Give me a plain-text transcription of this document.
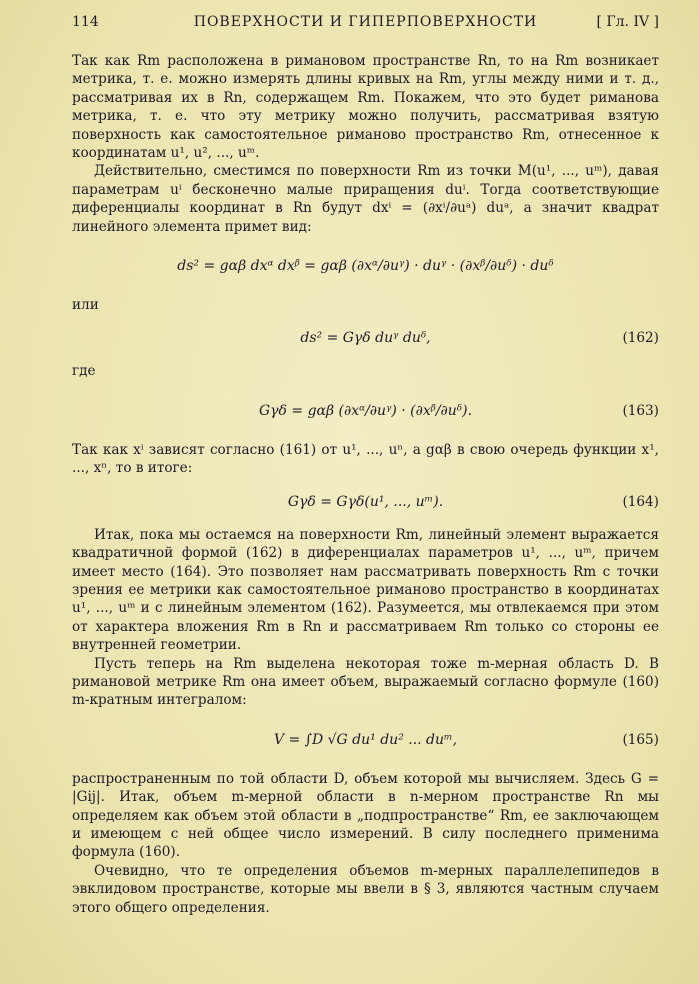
114	ПОВЕРХНОСТИ И ГИПЕРПОВЕРХНОСТИ	[ Гл. IV ]

Так как Rm расположена в римановом пространстве Rn, то на Rm возникает метрика, т. е. можно измерять длины кривых на Rm, углы между ними и т. д., рассматривая их в Rn, содержащем Rm. Покажем, что это будет риманова метрика, т. е. что эту метрику можно получить, рассматривая взятую поверхность как самостоятельное риманово пространство Rm, отнесенное к координатам u¹, u², ..., uᵐ.

Действительно, сместимся по поверхности Rm из точки M(u¹, ..., uᵐ), давая параметрам uⁱ бесконечно малые приращения duⁱ. Тогда соответствующие диференциалы координат в Rn будут dxⁱ = (∂xⁱ/∂uᵃ) duᵃ, а значит квадрат линейного элемента примет вид:

ds² = gαβ dxᵅ dxᵝ = gαβ (∂xᵅ/∂uᵞ) · duᵞ · (∂xᵝ/∂uᵟ) · duᵟ
или
ds² = Gγδ duᵞ duᵟ,	(162)
где
Gγδ = gαβ (∂xᵅ/∂uᵞ) · (∂xᵝ/∂uᵟ).	(163)

Так как xⁱ зависят согласно (161) от u¹, ..., uⁿ, а gαβ в свою очередь функции x¹, ..., xⁿ, то в итоге:

Gγδ = Gγδ(u¹, ..., uᵐ).	(164)

Итак, пока мы остаемся на поверхности Rm, линейный элемент выражается квадратичной формой (162) в диференциалах параметров u¹, ..., uᵐ, причем имеет место (164). Это позволяет нам рассматривать поверхность Rm с точки зрения ее метрики как самостоятельное риманово пространство в координатах u¹, ..., uᵐ и с линейным элементом (162). Разумеется, мы отвлекаемся при этом от характера вложения Rm в Rn и рассматриваем Rm только со стороны ее внутренней геометрии.

Пусть теперь на Rm выделена некоторая тоже m-мерная область D. В римановой метрике Rm она имеет объем, выражаемый согласно формуле (160) m-кратным интегралом:

V = ∫D √G du¹ du² ... duᵐ,	(165)

распространенным по той области D, объем которой мы вычисляем. Здесь G = |Gij|. Итак, объем m-мерной области в n-мерном пространстве Rn мы определяем как объем этой области в „подпространстве“ Rm, ее заключающем и имеющем с ней общее число измерений. В силу последнего применима формула (160).

Очевидно, что те определения объемов m-мерных параллелепипедов в эвклидовом пространстве, которые мы ввели в § 3, являются частным случаем этого общего определения.
